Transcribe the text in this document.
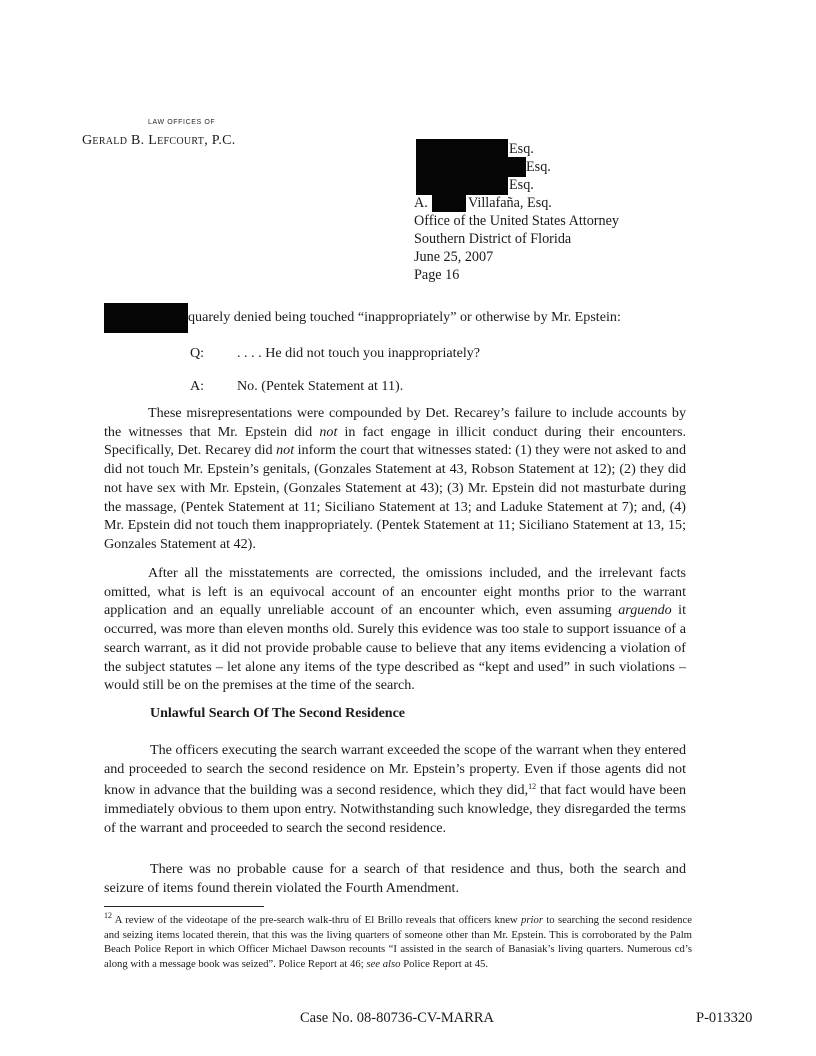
LAW OFFICES OF
Gerald B. Lefcourt, P.C.
Esq.
Esq.
Esq.
A.	Villafaña, Esq.
Office of the United States Attorney
Southern District of Florida
June 25, 2007
Page 16
quarely denied being touched “inappropriately” or otherwise by Mr. Epstein:
Q: . . . . He did not touch you inappropriately?
A: No. (Pentek Statement at 11).

These misrepresentations were compounded by Det. Recarey’s failure to include accounts by the witnesses that Mr. Epstein did not in fact engage in illicit conduct during their encounters. Specifically, Det. Recarey did not inform the court that witnesses stated: (1) they were not asked to and did not touch Mr. Epstein’s genitals, (Gonzales Statement at 43, Robson Statement at 12); (2) they did not have sex with Mr. Epstein, (Gonzales Statement at 43); (3) Mr. Epstein did not masturbate during the massage, (Pentek Statement at 11; Siciliano Statement at 13; and Laduke Statement at 7); and, (4) Mr. Epstein did not touch them inappropriately. (Pentek Statement at 11; Siciliano Statement at 13, 15; Gonzales Statement at 42).

After all the misstatements are corrected, the omissions included, and the irrelevant facts omitted, what is left is an equivocal account of an encounter eight months prior to the warrant application and an equally unreliable account of an encounter which, even assuming arguendo it occurred, was more than eleven months old. Surely this evidence was too stale to support issuance of a search warrant, as it did not provide probable cause to believe that any items evidencing a violation of the subject statutes – let alone any items of the type described as “kept and used” in such violations – would still be on the premises at the time of the search.

Unlawful Search Of The Second Residence

The officers executing the search warrant exceeded the scope of the warrant when they entered and proceeded to search the second residence on Mr. Epstein’s property. Even if those agents did not know in advance that the building was a second residence, which they did,$^{12}$ that fact would have been immediately obvious to them upon entry. Notwithstanding such knowledge, they disregarded the terms of the warrant and proceeded to search the second residence.

There was no probable cause for a search of that residence and thus, both the search and seizure of items found therein violated the Fourth Amendment.

$^{12}$ A review of the videotape of the pre-search walk-thru of El Brillo reveals that officers knew prior to searching the second residence and seizing items located therein, that this was the living quarters of someone other than Mr. Epstein. This is corroborated by the Palm Beach Police Report in which Officer Michael Dawson recounts “I assisted in the search of Banasiak’s living quarters. Numerous cd’s along with a message book was seized”. Police Report at 46; see also Police Report at 45.

Case No. 08-80736-CV-MARRA	P-013320
